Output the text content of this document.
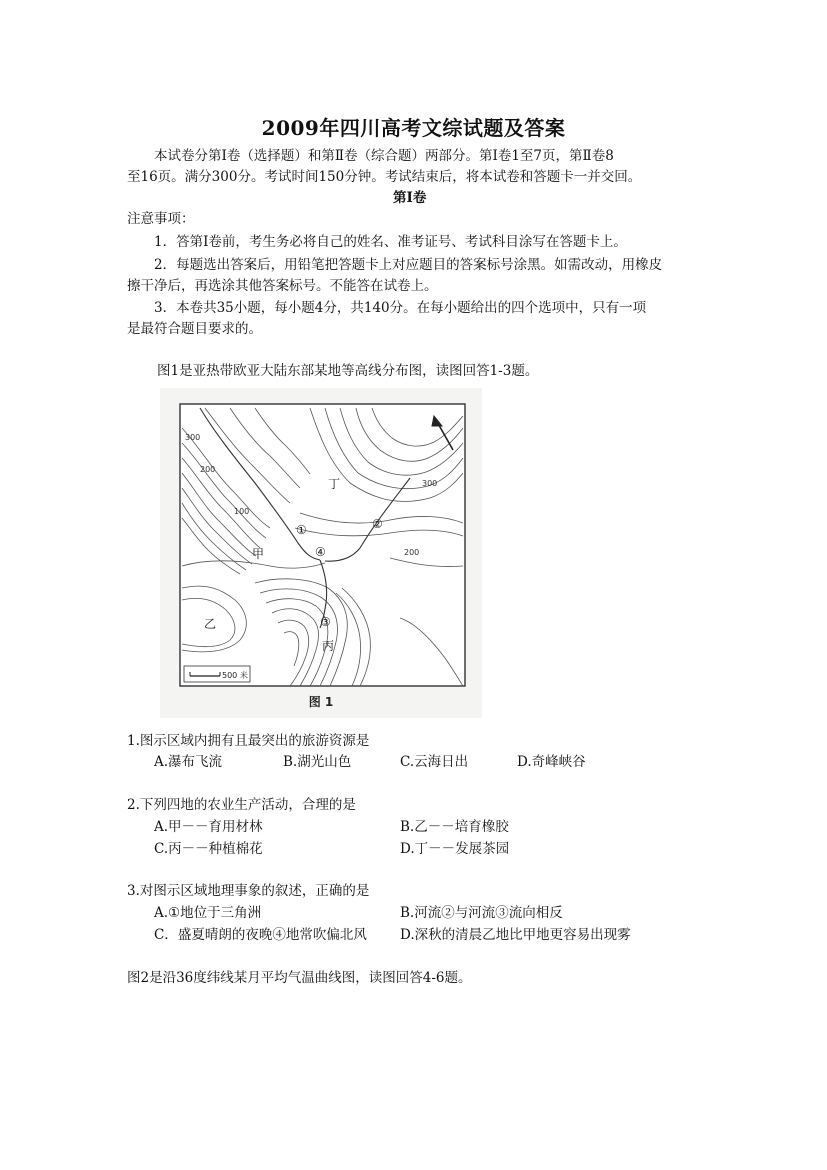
2009年四川高考文综试题及答案
本试卷分第Ⅰ卷（选择题）和第Ⅱ卷（综合题）两部分。第Ⅰ卷1至7页，第Ⅱ卷8
至16页。满分300分。考试时间150分钟。考试结束后，将本试卷和答题卡一并交回。
第Ⅰ卷
注意事项：
1．答第Ⅰ卷前，考生务必将自己的姓名、准考证号、考试科目涂写在答题卡上。
2．每题选出答案后，用铅笔把答题卡上对应题目的答案标号涂黑。如需改动，用橡皮
擦干净后，再选涂其他答案标号。不能答在试卷上。
3．本卷共35小题，每小题4分，共140分。在每小题给出的四个选项中，只有一项
是最符合题目要求的。
图1是亚热带欧亚大陆东部某地等高线分布图，读图回答1-3题。
丁
甲
乙
丙
①	②
③
④
300
200
300
200
100
500 米
图 1
1.图示区域内拥有且最突出的旅游资源是
A.瀑布飞流	B.湖光山色	C.云海日出	D.奇峰峡谷
2.下列四地的农业生产活动，合理的是
A.甲－－育用材林	B.乙－－培育橡胶
C.丙－－种植棉花	D.丁－－发展茶园
3.对图示区域地理事象的叙述，正确的是
A.①地位于三角洲	B.河流②与河流③流向相反
C．盛夏晴朗的夜晚④地常吹偏北风 D.深秋的清晨乙地比甲地更容易出现雾
图2是沿36度纬线某月平均气温曲线图，读图回答4-6题。
